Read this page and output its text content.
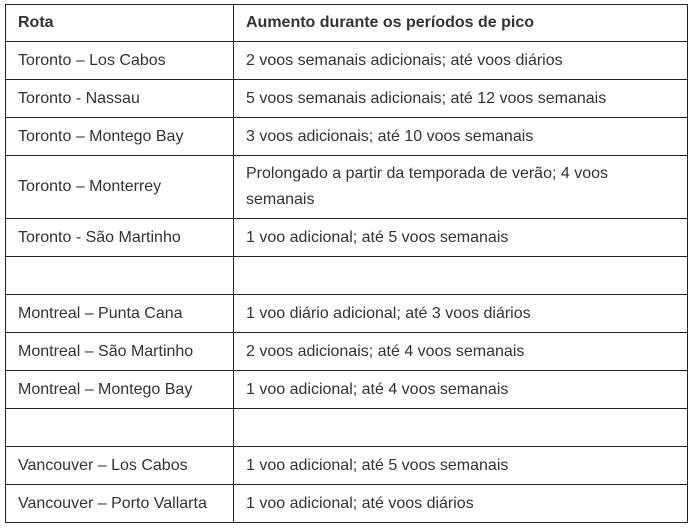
Rota	Aumento durante os períodos de pico
Toronto – Los Cabos	2 voos semanais adicionais; até voos diários
Toronto - Nassau	5 voos semanais adicionais; até 12 voos semanais
Toronto – Montego Bay	3 voos adicionais; até 10 voos semanais
Toronto – Monterrey	Prolongado a partir da temporada de verão; 4 voos semanais
Toronto - São Martinho	1 voo adicional; até 5 voos semanais

Montreal – Punta Cana	1 voo diário adicional; até 3 voos diários
Montreal – São Martinho	2 voos adicionais; até 4 voos semanais
Montreal – Montego Bay	1 voo adicional; até 4 voos semanais

Vancouver – Los Cabos	1 voo adicional; até 5 voos semanais
Vancouver – Porto Vallarta	1 voo adicional; até voos diários
